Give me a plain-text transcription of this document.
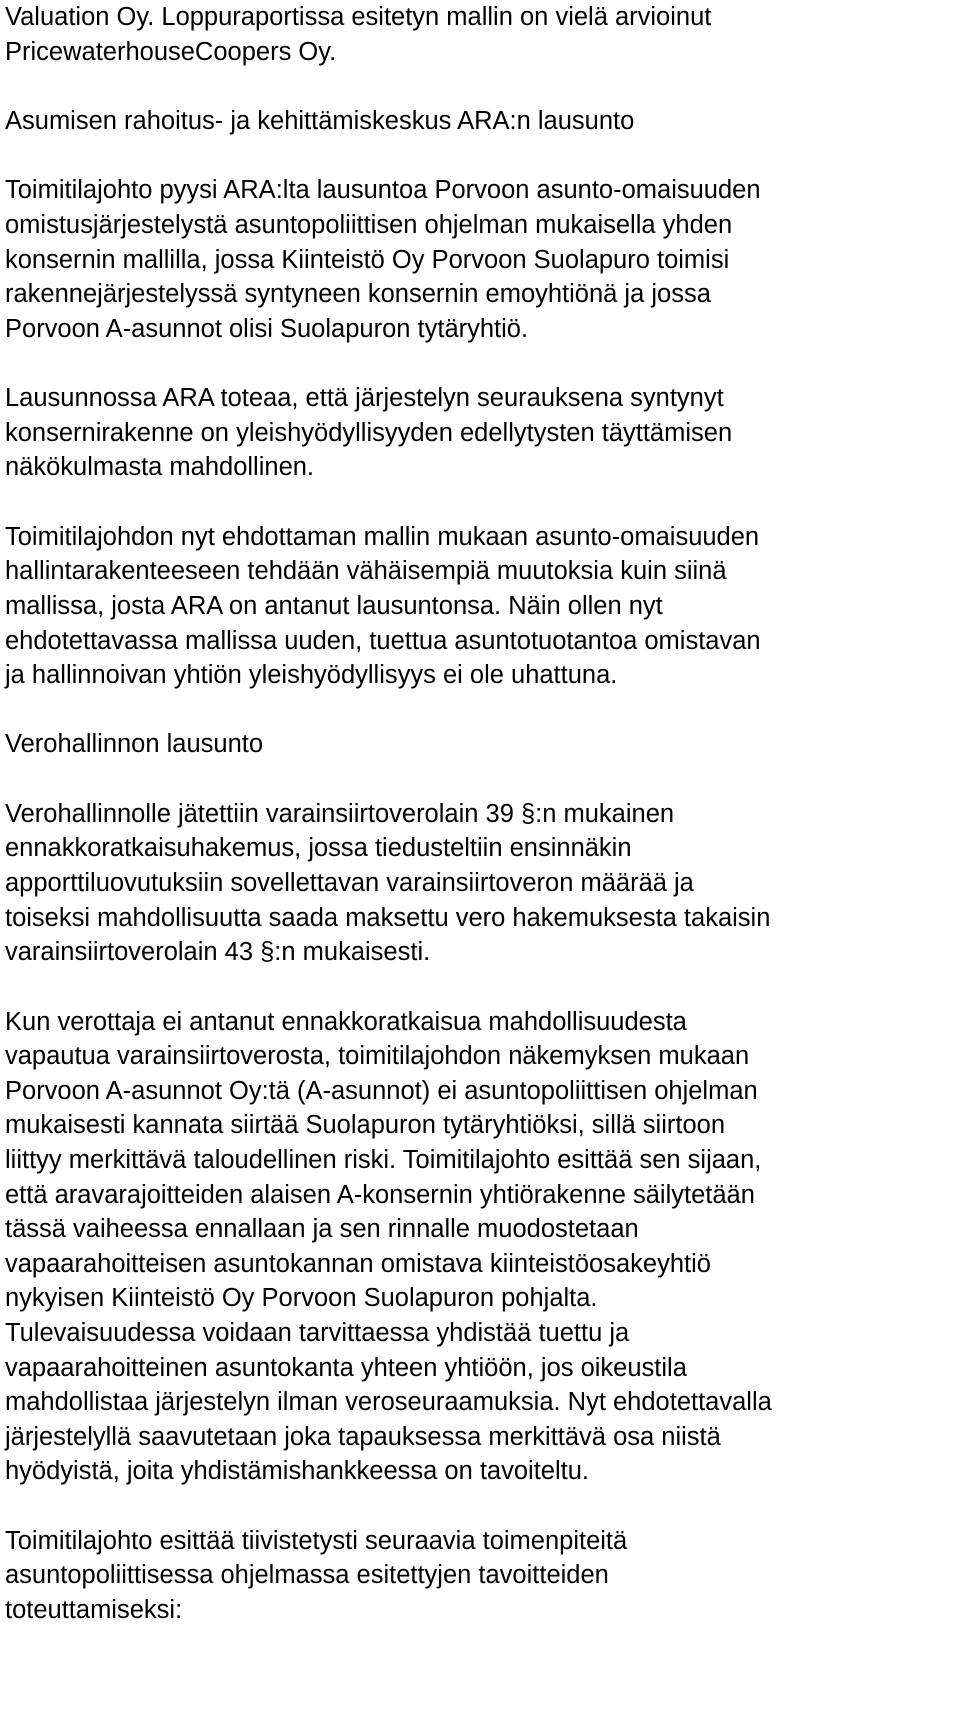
Valuation Oy. Loppuraportissa esitetyn mallin on vielä arvioinut
PricewaterhouseCoopers Oy.
Asumisen rahoitus- ja kehittämiskeskus ARA:n lausunto
Toimitilajohto pyysi ARA:lta lausuntoa Porvoon asunto-omaisuuden
omistusjärjestelystä asuntopoliittisen ohjelman mukaisella yhden
konsernin mallilla, jossa Kiinteistö Oy Porvoon Suolapuro toimisi
rakennejärjestelyssä syntyneen konsernin emoyhtiönä ja jossa
Porvoon A-asunnot olisi Suolapuron tytäryhtiö.
Lausunnossa ARA toteaa, että järjestelyn seurauksena syntynyt
konsernirakenne on yleishyödyllisyyden edellytysten täyttämisen
näkökulmasta mahdollinen.
Toimitilajohdon nyt ehdottaman mallin mukaan asunto-omaisuuden
hallintarakenteeseen tehdään vähäisempiä muutoksia kuin siinä
mallissa, josta ARA on antanut lausuntonsa. Näin ollen nyt
ehdotettavassa mallissa uuden, tuettua asuntotuotantoa omistavan
ja hallinnoivan yhtiön yleishyödyllisyys ei ole uhattuna.
Verohallinnon lausunto
Verohallinnolle jätettiin varainsiirtoverolain 39 §:n mukainen
ennakkoratkaisuhakemus, jossa tiedusteltiin ensinnäkin
apporttiluovutuksiin sovellettavan varainsiirtoveron määrää ja
toiseksi mahdollisuutta saada maksettu vero hakemuksesta takaisin
varainsiirtoverolain 43 §:n mukaisesti.
Kun verottaja ei antanut ennakkoratkaisua mahdollisuudesta
vapautua varainsiirtoverosta, toimitilajohdon näkemyksen mukaan
Porvoon A-asunnot Oy:tä (A-asunnot) ei asuntopoliittisen ohjelman
mukaisesti kannata siirtää Suolapuron tytäryhtiöksi, sillä siirtoon
liittyy merkittävä taloudellinen riski. Toimitilajohto esittää sen sijaan,
että aravarajoitteiden alaisen A-konsernin yhtiörakenne säilytetään
tässä vaiheessa ennallaan ja sen rinnalle muodostetaan
vapaarahoitteisen asuntokannan omistava kiinteistöosakeyhtiö
nykyisen Kiinteistö Oy Porvoon Suolapuron pohjalta.
Tulevaisuudessa voidaan tarvittaessa yhdistää tuettu ja
vapaarahoitteinen asuntokanta yhteen yhtiöön, jos oikeustila
mahdollistaa järjestelyn ilman veroseuraamuksia. Nyt ehdotettavalla
järjestelyllä saavutetaan joka tapauksessa merkittävä osa niistä
hyödyistä, joita yhdistämishankkeessa on tavoiteltu.
Toimitilajohto esittää tiivistetysti seuraavia toimenpiteitä
asuntopoliittisessa ohjelmassa esitettyjen tavoitteiden
toteuttamiseksi:
